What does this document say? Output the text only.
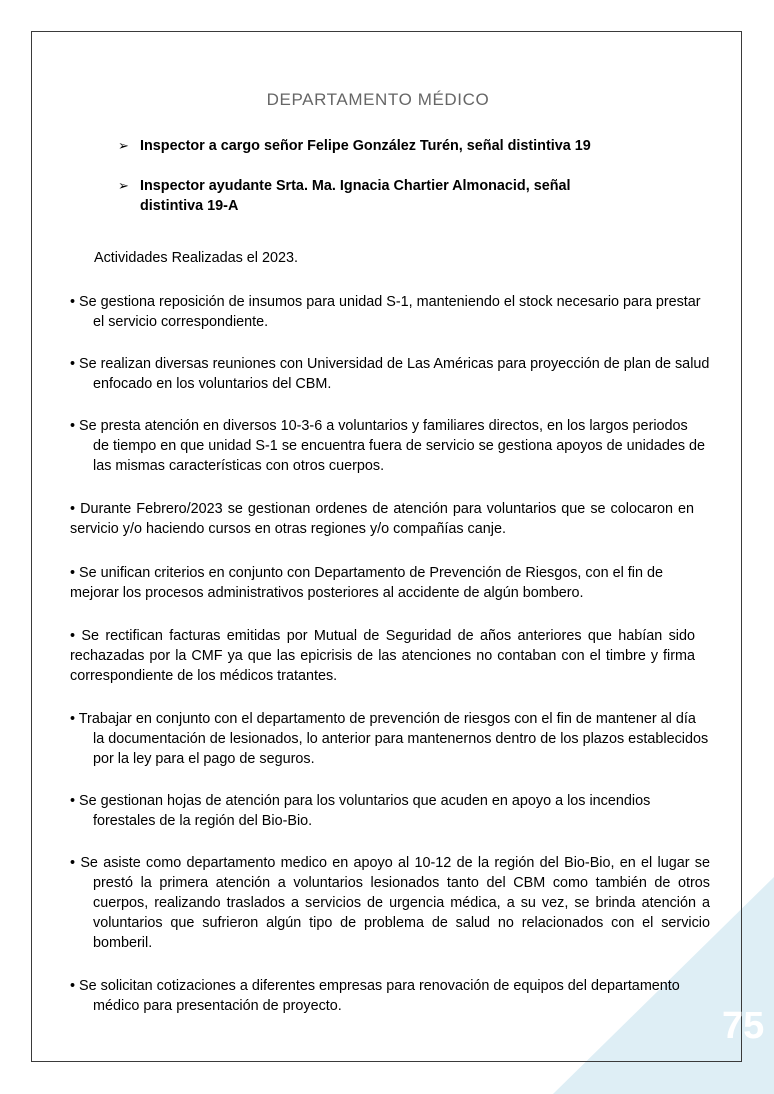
DEPARTAMENTO MÉDICO

➢ Inspector a cargo señor Felipe González Turén, señal distintiva 19

➢ Inspector ayudante Srta. Ma. Ignacia Chartier Almonacid, señal distintiva 19-A

Actividades Realizadas el 2023.

• Se gestiona reposición de insumos para unidad S-1, manteniendo el stock necesario para prestar el servicio correspondiente.

• Se realizan diversas reuniones con Universidad de Las Américas para proyección de plan de salud enfocado en los voluntarios del CBM.

• Se presta atención en diversos 10-3-6 a voluntarios y familiares directos, en los largos periodos de tiempo en que unidad S-1 se encuentra fuera de servicio se gestiona apoyos de unidades de las mismas características con otros cuerpos.

• Durante Febrero/2023 se gestionan ordenes de atención para voluntarios que se colocaron en servicio y/o haciendo cursos en otras regiones y/o compañías canje.

• Se unifican criterios en conjunto con Departamento de Prevención de Riesgos, con el fin de mejorar los procesos administrativos posteriores al accidente de algún bombero.

• Se rectifican facturas emitidas por Mutual de Seguridad de años anteriores que habían sido rechazadas por la CMF ya que las epicrisis de las atenciones no contaban con el timbre y firma correspondiente de los médicos tratantes.

• Trabajar en conjunto con el departamento de prevención de riesgos con el fin de mantener al día la documentación de lesionados, lo anterior para mantenernos dentro de los plazos establecidos por la ley para el pago de seguros.

• Se gestionan hojas de atención para los voluntarios que acuden en apoyo a los incendios forestales de la región del Bio-Bio.

• Se asiste como departamento medico en apoyo al 10-12 de la región del Bio-Bio, en el lugar se prestó la primera atención a voluntarios lesionados tanto del CBM como también de otros cuerpos, realizando traslados a servicios de urgencia médica, a su vez, se brinda atención a voluntarios que sufrieron algún tipo de problema de salud no relacionados con el servicio bomberil.

• Se solicitan cotizaciones a diferentes empresas para renovación de equipos del departamento médico para presentación de proyecto.	75
